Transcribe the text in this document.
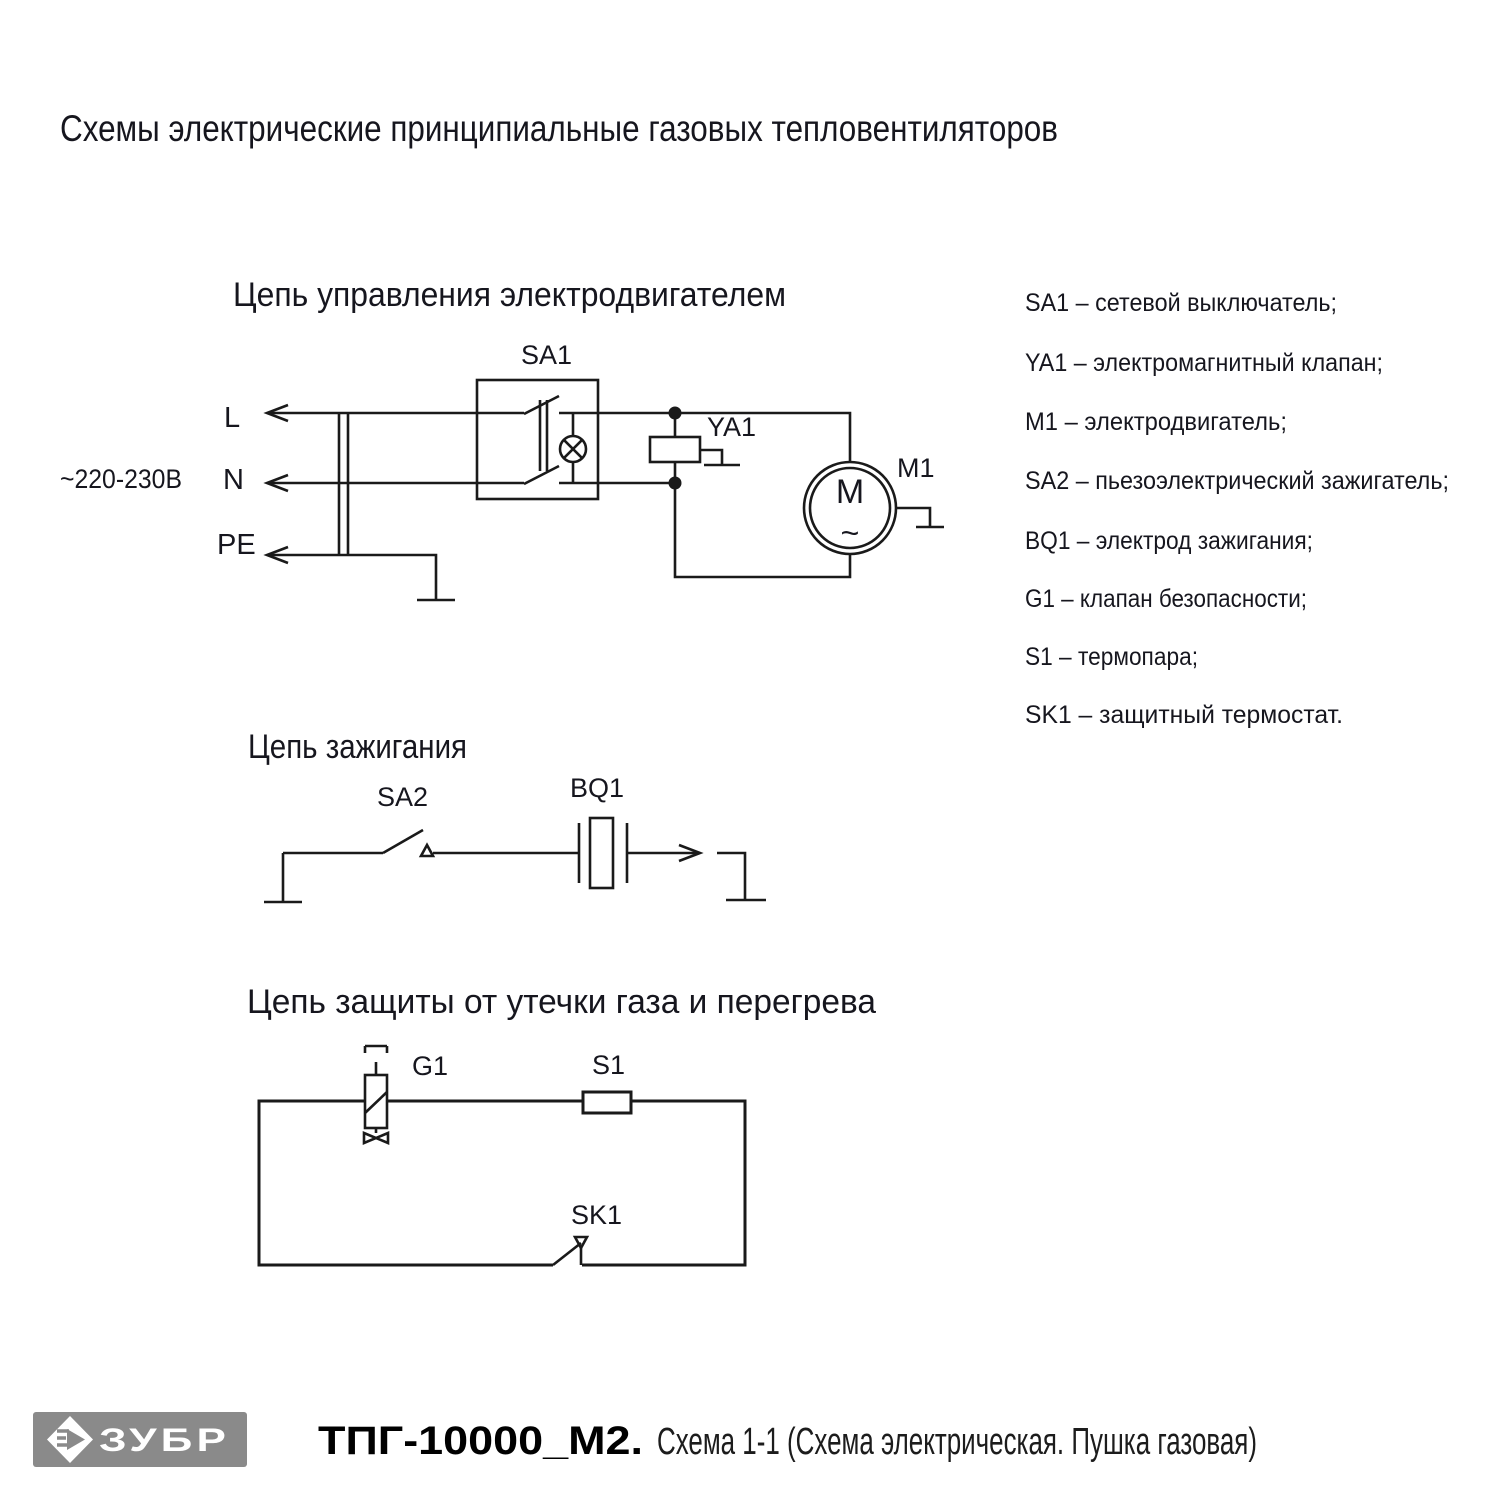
Схемы электрические принципиальные газовых тепловентиляторов
Цепь управления электродвигателем
~220-230В
L
N
PE
SA1
YA1
M
~
M1
Цепь зажигания
SA2	BQ1
Цепь защиты от утечки газа и перегрева
G1	S1
SK1
SA1 – сетевой выключатель;
YA1 – электромагнитный клапан;
M1 – электродвигатель;
SA2 – пьезоэлектрический зажигатель;
BQ1 – электрод зажигания;
G1 – клапан безопасности;
S1 – термопара;
SK1 – защитный термостат.
ЗУБР ТПГ-10000_М2. Схема 1-1 (Схема электрическая. Пушка газовая)
